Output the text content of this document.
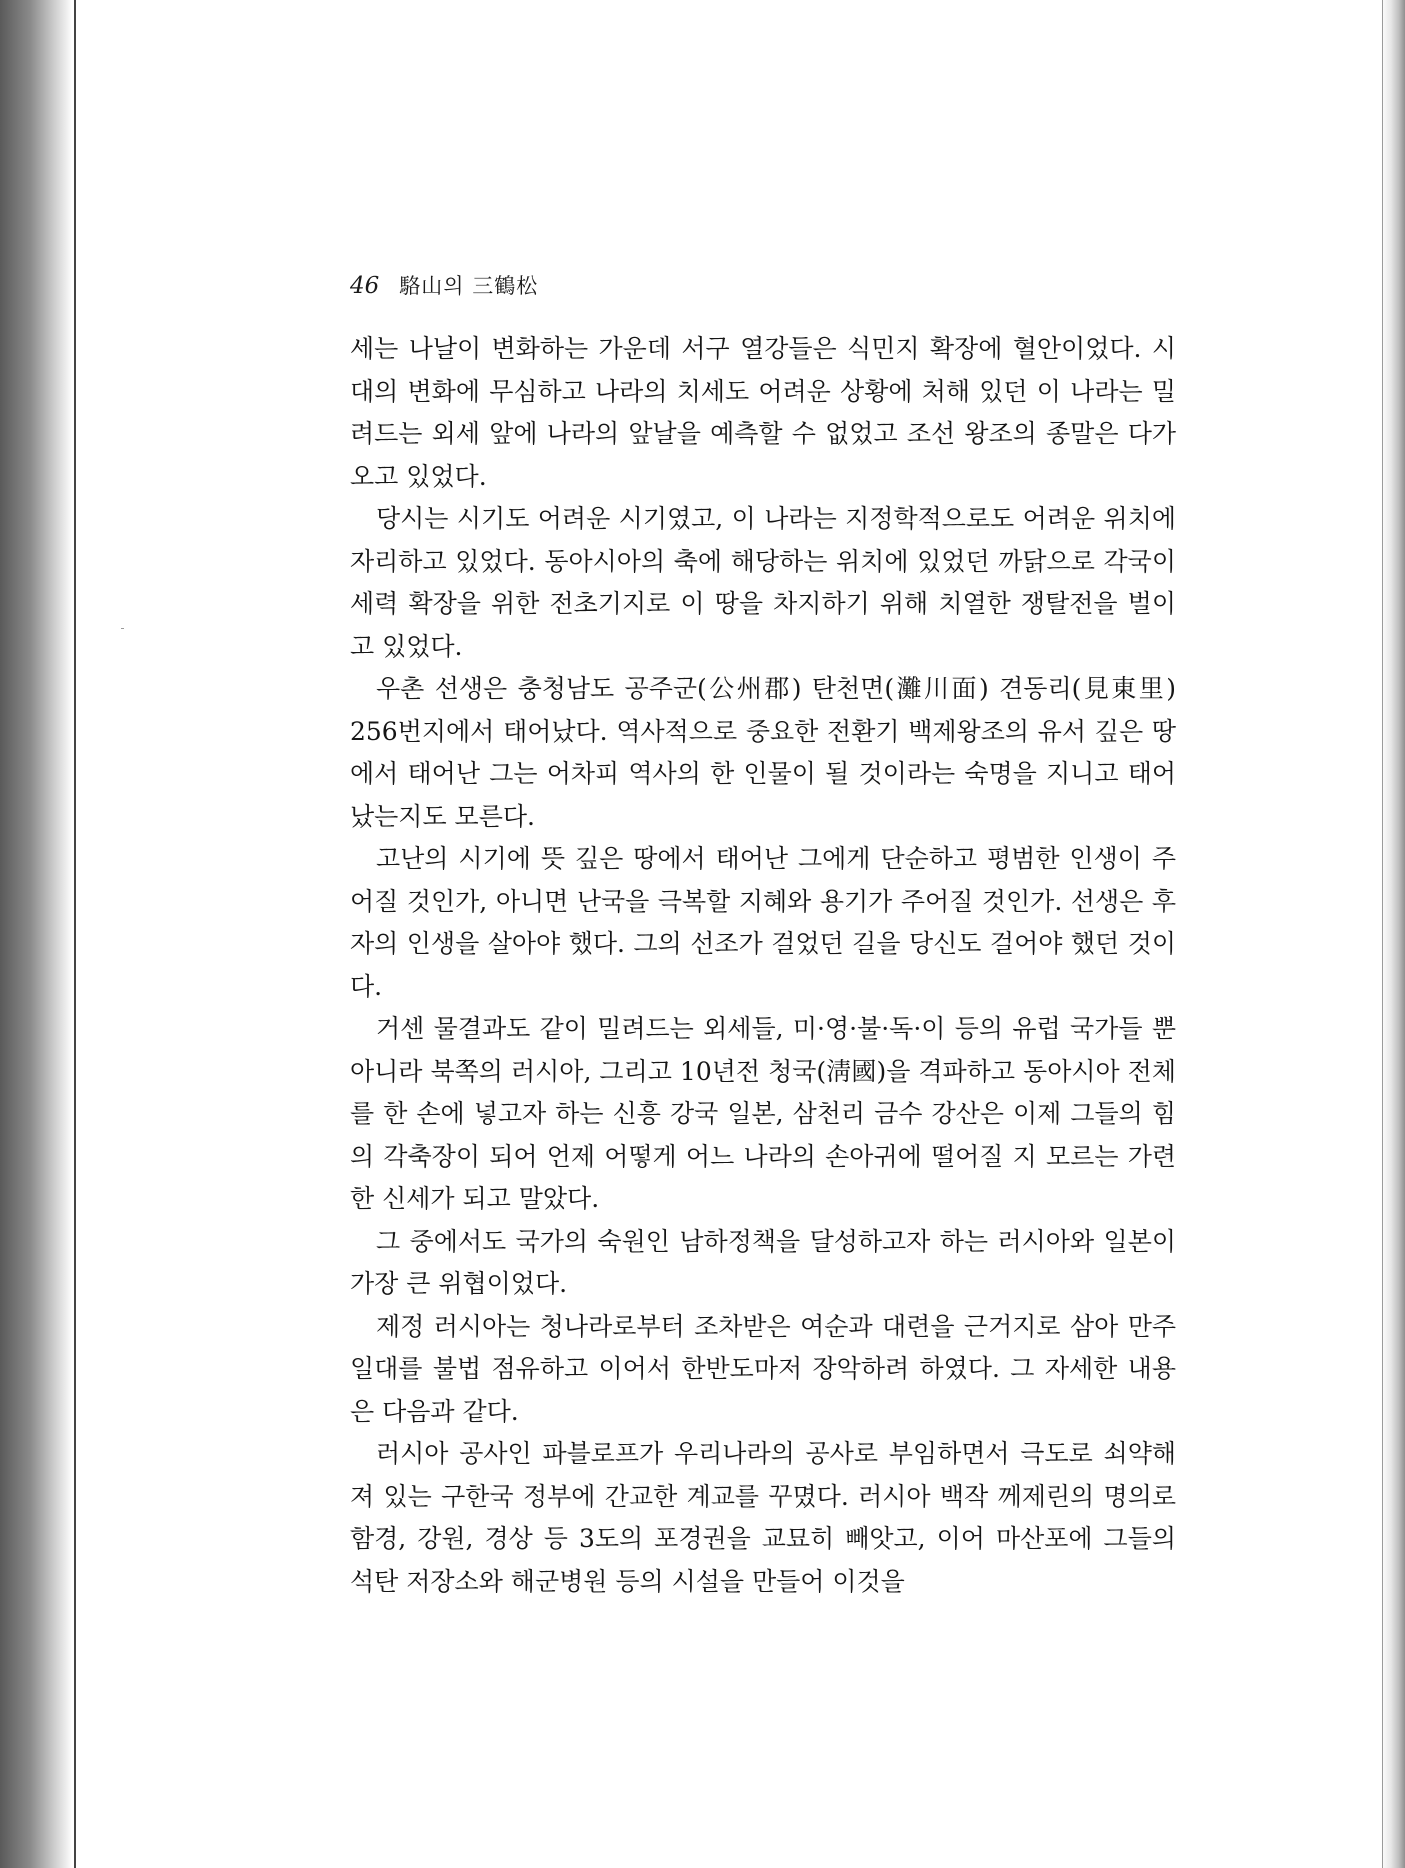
46 駱山의 三鶴松

세는 나날이 변화하는 가운데 서구 열강들은 식민지 확장에 혈안이었다. 시대의 변화에 무심하고 나라의 치세도 어려운 상황에 처해 있던 이 나라는 밀려드는 외세 앞에 나라의 앞날을 예측할 수 없었고 조선 왕조의 종말은 다가오고 있었다.

당시는 시기도 어려운 시기였고, 이 나라는 지정학적으로도 어려운 위치에 자리하고 있었다. 동아시아의 축에 해당하는 위치에 있었던 까닭으로 각국이 세력 확장을 위한 전초기지로 이 땅을 차지하기 위해 치열한 쟁탈전을 벌이고 있었다.

우촌 선생은 충청남도 공주군(公州郡) 탄천면(灘川面) 견동리(見東里) 256번지에서 태어났다. 역사적으로 중요한 전환기 백제왕조의 유서 깊은 땅에서 태어난 그는 어차피 역사의 한 인물이 될 것이라는 숙명을 지니고 태어났는지도 모른다.

고난의 시기에 뜻 깊은 땅에서 태어난 그에게 단순하고 평범한 인생이 주어질 것인가, 아니면 난국을 극복할 지혜와 용기가 주어질 것인가. 선생은 후자의 인생을 살아야 했다. 그의 선조가 걸었던 길을 당신도 걸어야 했던 것이다.

거센 물결과도 같이 밀려드는 외세들, 미·영·불·독·이 등의 유럽 국가들 뿐 아니라 북쪽의 러시아, 그리고 10년전 청국(淸國)을 격파하고 동아시아 전체를 한 손에 넣고자 하는 신흥 강국 일본, 삼천리 금수 강산은 이제 그들의 힘의 각축장이 되어 언제 어떻게 어느 나라의 손아귀에 떨어질 지 모르는 가련한 신세가 되고 말았다.

그 중에서도 국가의 숙원인 남하정책을 달성하고자 하는 러시아와 일본이 가장 큰 위협이었다.

제정 러시아는 청나라로부터 조차받은 여순과 대련을 근거지로 삼아 만주 일대를 불법 점유하고 이어서 한반도마저 장악하려 하였다. 그 자세한 내용은 다음과 같다.

러시아 공사인 파블로프가 우리나라의 공사로 부임하면서 극도로 쇠약해져 있는 구한국 정부에 간교한 계교를 꾸몄다. 러시아 백작 께제린의 명의로 함경, 강원, 경상 등 3도의 포경권을 교묘히 빼앗고, 이어 마산포에 그들의 석탄 저장소와 해군병원 등의 시설을 만들어 이것을
